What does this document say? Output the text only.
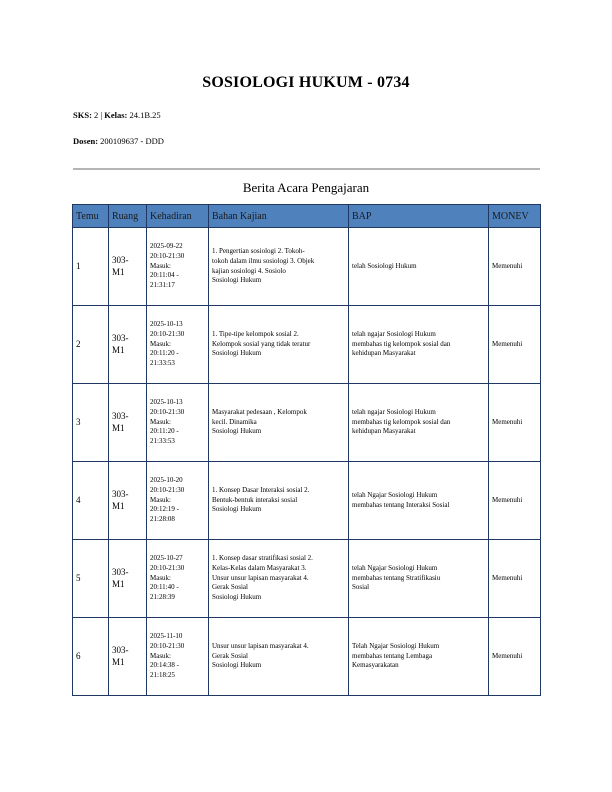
SOSIOLOGI HUKUM - 0734
SKS: 2 | Kelas: 24.1B.25
Dosen: 200109637 - DDD
Berita Acara Pengajaran
Temu	Ruang	Kehadiran	Bahan Kajian	BAP	MONEV
1	303-
M1	2025-09-22
20:10-21:30
Masuk:
20:11:04 -
21:31:17	1. Pengertian sosiologi 2. Tokoh-
tokoh dalam ilmu sosiologi 3. Objek
kajian sosiologi 4. Sosiolo
Sosiologi Hukum	telah Sosiologi Hukum	Memenuhi
2	303-
M1	2025-10-13
20:10-21:30
Masuk:
20:11:20 -
21:33:53	1. Tipe-tipe kelompok sosial 2.
Kelompok sosial yang tidak teratur
Sosiologi Hukum	telah ngajar Sosiologi Hukum
membahas tig kelompok sosial dan
kehidupan Masyarakat	Memenuhi
3	303-
M1	2025-10-13
20:10-21:30
Masuk:
20:11:20 -
21:33:53	Masyarakat pedesaan , Kelompok
kecil. Dinamika
Sosiologi Hukum	telah ngajar Sosiologi Hukum
membahas tig kelompok sosial dan
kehidupan Masyarakat	Memenuhi
4	303-
M1	2025-10-20
20:10-21:30
Masuk:
20:12:19 -
21:28:08	1. Konsep Dasar Interaksi sosial 2.
Bentuk-bentuk interaksi sosial
Sosiologi Hukum	telah Ngajar Sosiologi Hukum
membahas tentang Interaksi Sosial	Memenuhi
5	303-
M1	2025-10-27
20:10-21:30
Masuk:
20:11:40 -
21:28:39	1. Konsep dasar stratifikasi sosial 2.
Kelas-Kelas dalam Masyarakat 3.
Unsur unsur lapisan masyarakat 4.
Gerak Sosial
Sosiologi Hukum	telah Ngajar Sosiologi Hukum
membahas tentang Stratifikasiu
Sosial	Memenuhi
6	303-
M1	2025-11-10
20:10-21:30
Masuk:
20:14:38 -
21:18:25	Unsur unsur lapisan masyarakat 4.
Gerak Sosial
Sosiologi Hukum	Telah Ngajar Sosiologi Hukum
membahas tentang Lembaga
Kemasyarakatan	Memenuhi
